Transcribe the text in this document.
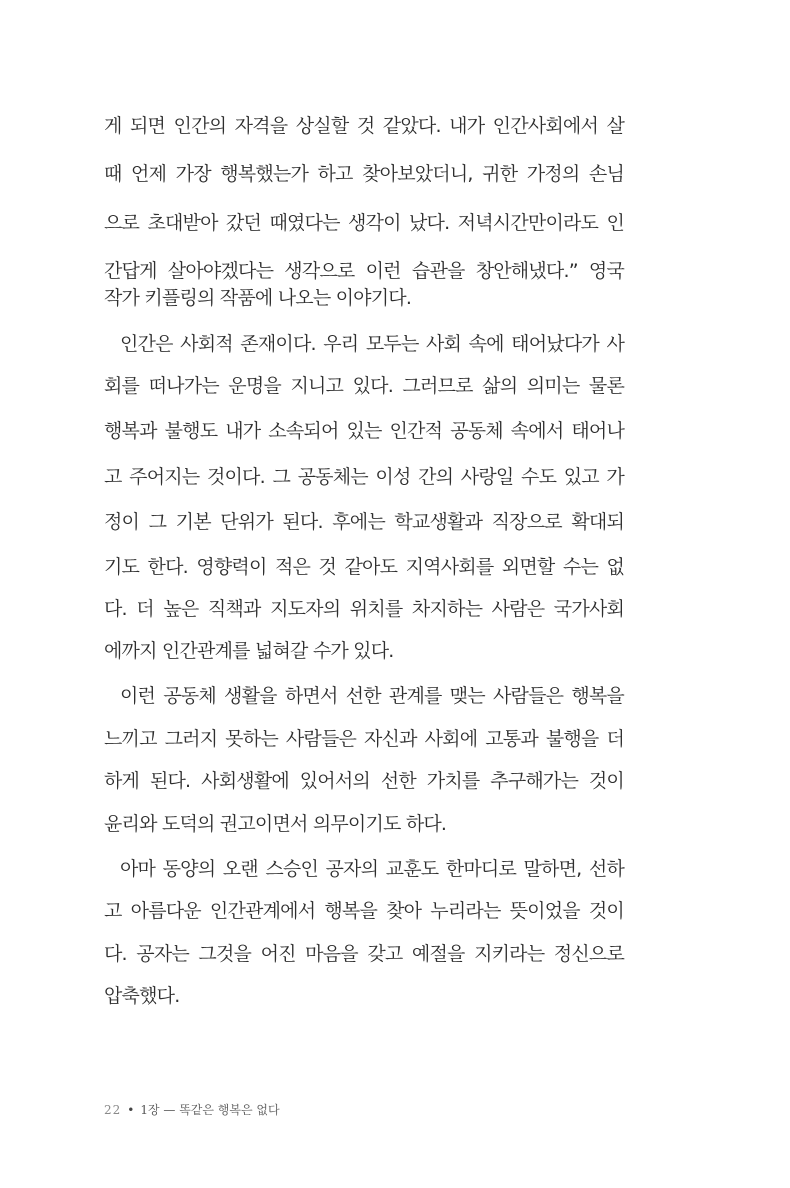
게 되면 인간의 자격을 상실할 것 같았다. 내가 인간사회에서 살
때 언제 가장 행복했는가 하고 찾아보았더니, 귀한 가정의 손님
으로 초대받아 갔던 때였다는 생각이 났다. 저녁시간만이라도 인
간답게 살아야겠다는 생각으로 이런 습관을 창안해냈다.” 영국
작가 키플링의 작품에 나오는 이야기다.
인간은 사회적 존재이다. 우리 모두는 사회 속에 태어났다가 사
회를 떠나가는 운명을 지니고 있다. 그러므로 삶의 의미는 물론
행복과 불행도 내가 소속되어 있는 인간적 공동체 속에서 태어나
고 주어지는 것이다. 그 공동체는 이성 간의 사랑일 수도 있고 가
정이 그 기본 단위가 된다. 후에는 학교생활과 직장으로 확대되
기도 한다. 영향력이 적은 것 같아도 지역사회를 외면할 수는 없
다. 더 높은 직책과 지도자의 위치를 차지하는 사람은 국가사회
에까지 인간관계를 넓혀갈 수가 있다.
이런 공동체 생활을 하면서 선한 관계를 맺는 사람들은 행복을
느끼고 그러지 못하는 사람들은 자신과 사회에 고통과 불행을 더
하게 된다. 사회생활에 있어서의 선한 가치를 추구해가는 것이
윤리와 도덕의 권고이면서 의무이기도 하다.
아마 동양의 오랜 스승인 공자의 교훈도 한마디로 말하면, 선하
고 아름다운 인간관계에서 행복을 찾아 누리라는 뜻이었을 것이
다. 공자는 그것을 어진 마음을 갖고 예절을 지키라는 정신으로
압축했다.
22 • 1장 — 똑같은 행복은 없다
